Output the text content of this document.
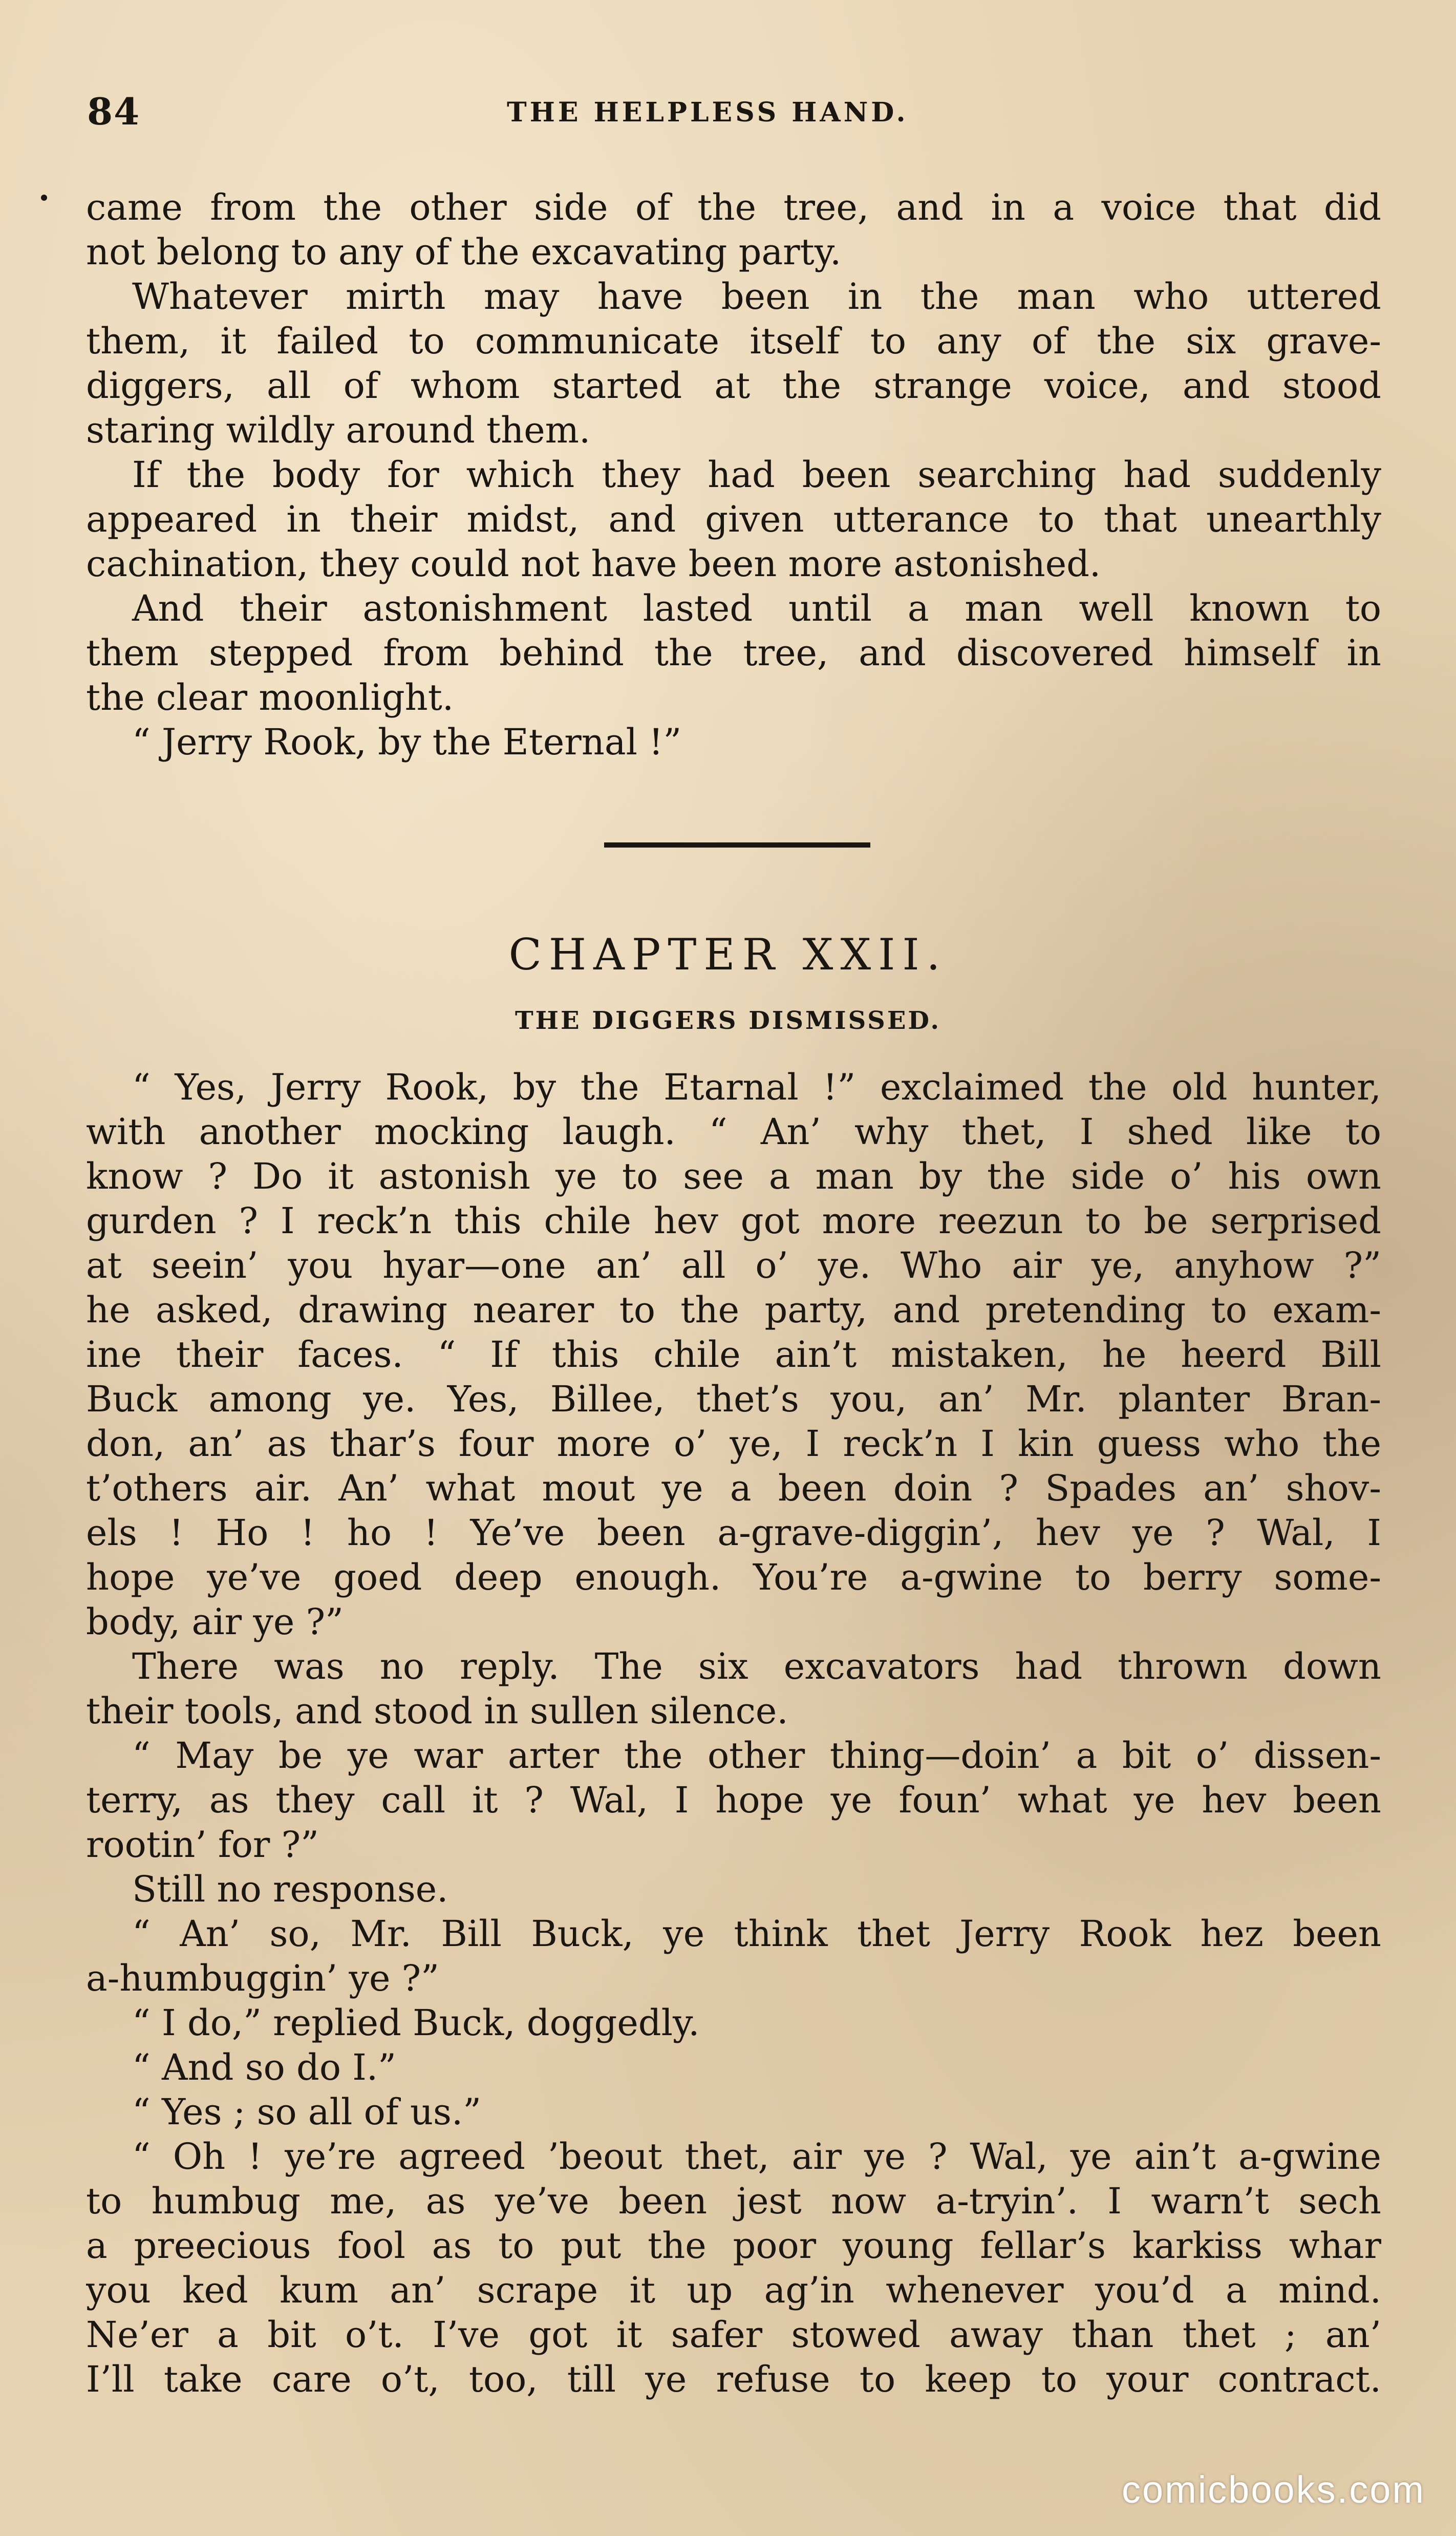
84	THE HELPLESS HAND.
came from the other side of the tree, and in a voice that did
not belong to any of the excavating party.
Whatever mirth may have been in the man who uttered
them, it failed to communicate itself to any of the six grave-
diggers, all of whom started at the strange voice, and stood
staring wildly around them.
If the body for which they had been searching had suddenly
appeared in their midst, and given utterance to that unearthly
cachination, they could not have been more astonished.
And their astonishment lasted until a man well known to
them stepped from behind the tree, and discovered himself in
the clear moonlight.
“ Jerry Rook, by the Eternal !”
CHAPTER XXII.
THE DIGGERS DISMISSED.
“ Yes, Jerry Rook, by the Etarnal !” exclaimed the old hunter,
with another mocking laugh. “ An’ why thet, I shed like to
know ? Do it astonish ye to see a man by the side o’ his own
gurden ? I reck’n this chile hev got more reezun to be serprised
at seein’ you hyar—one an’ all o’ ye. Who air ye, anyhow ?”
he asked, drawing nearer to the party, and pretending to exam-
ine their faces. “ If this chile ain’t mistaken, he heerd Bill
Buck among ye. Yes, Billee, thet’s you, an’ Mr. planter Bran-
don, an’ as thar’s four more o’ ye, I reck’n I kin guess who the
t’others air. An’ what mout ye a been doin ? Spades an’ shov-
els ! Ho ! ho ! Ye’ve been a-grave-diggin’, hev ye ? Wal, I
hope ye’ve goed deep enough. You’re a-gwine to berry some-
body, air ye ?”
There was no reply. The six excavators had thrown down
their tools, and stood in sullen silence.
“ May be ye war arter the other thing—doin’ a bit o’ dissen-
terry, as they call it ? Wal, I hope ye foun’ what ye hev been
rootin’ for ?”
Still no response.
“ An’ so, Mr. Bill Buck, ye think thet Jerry Rook hez been
a-humbuggin’ ye ?”
“ I do,” replied Buck, doggedly.
“ And so do I.”
“ Yes ; so all of us.”
“ Oh ! ye’re agreed ’beout thet, air ye ? Wal, ye ain’t a-gwine
to humbug me, as ye’ve been jest now a-tryin’. I warn’t sech
a preecious fool as to put the poor young fellar’s karkiss whar
you ked kum an’ scrape it up ag’in whenever you’d a mind.
Ne’er a bit o’t. I’ve got it safer stowed away than thet ; an’
I’ll take care o’t, too, till ye refuse to keep to your contract.
comicbooks.com
